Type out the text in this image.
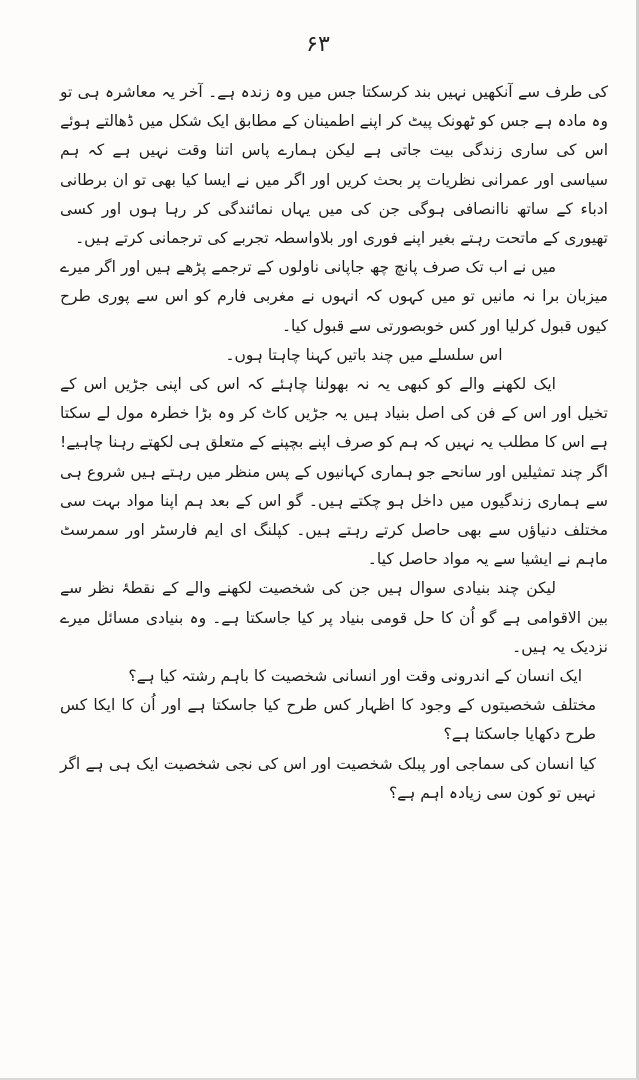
۶۳

کی طرف سے آنکھیں نہیں بند کرسکتا جس میں وہ زندہ ہے۔ آخر یہ معاشرہ ہی تو وہ مادہ ہے جس کو ٹھونک پیٹ کر اپنے اطمینان کے مطابق ایک شکل میں ڈھالتے ہوئے اس کی ساری زندگی بیت جاتی ہے لیکن ہمارے پاس اتنا وقت نہیں ہے کہ ہم سیاسی اور عمرانی نظریات پر بحث کریں اور اگر میں نے ایسا کیا بھی تو ان برطانی ادباء کے ساتھ ناانصافی ہوگی جن کی میں یہاں نمائندگی کر رہا ہوں اور کسی تھیوری کے ماتحت رہتے بغیر اپنے فوری اور بلاواسطہ تجربے کی ترجمانی کرتے ہیں۔

میں نے اب تک صرف پانچ چھ جاپانی ناولوں کے ترجمے پڑھے ہیں اور اگر میرے میزبان برا نہ مانیں تو میں کہوں کہ انہوں نے مغربی فارم کو اس سے پوری طرح کیوں قبول کرلیا اور کس خوبصورتی سے قبول کیا۔

اس سلسلے میں چند باتیں کہنا چاہتا ہوں۔

ایک لکھنے والے کو کبھی یہ نہ بھولنا چاہئے کہ اس کی اپنی جڑیں اس کے تخیل اور اس کے فن کی اصل بنیاد ہیں یہ جڑیں کاٹ کر وہ بڑا خطرہ مول لے سکتا ہے اس کا مطلب یہ نہیں کہ ہم کو صرف اپنے بچپنے کے متعلق ہی لکھتے رہنا چاہیے! اگر چند تمثیلیں اور سانحے جو ہماری کہانیوں کے پس منظر میں رہتے ہیں شروع ہی سے ہماری زندگیوں میں داخل ہو چکتے ہیں۔ گو اس کے بعد ہم اپنا مواد بہت سی مختلف دنیاؤں سے بھی حاصل کرتے رہتے ہیں۔ کپلنگ ای ایم فارسٹر اور سمرسٹ ماہم نے ایشیا سے یہ مواد حاصل کیا۔

لیکن چند بنیادی سوال ہیں جن کی شخصیت لکھنے والے کے نقطۂ نظر سے بین الاقوامی ہے گو اُن کا حل قومی بنیاد پر کیا جاسکتا ہے۔ وہ بنیادی مسائل میرے نزدیک یہ ہیں۔

ایک انسان کے اندرونی وقت اور انسانی شخصیت کا باہم رشتہ کیا ہے؟

مختلف شخصیتوں کے وجود کا اظہار کس طرح کیا جاسکتا ہے اور اُن کا ایکا کس طرح دکھایا جاسکتا ہے؟

کیا انسان کی سماجی اور پبلک شخصیت اور اس کی نجی شخصیت ایک ہی ہے اگر نہیں تو کون سی زیادہ اہم ہے؟
